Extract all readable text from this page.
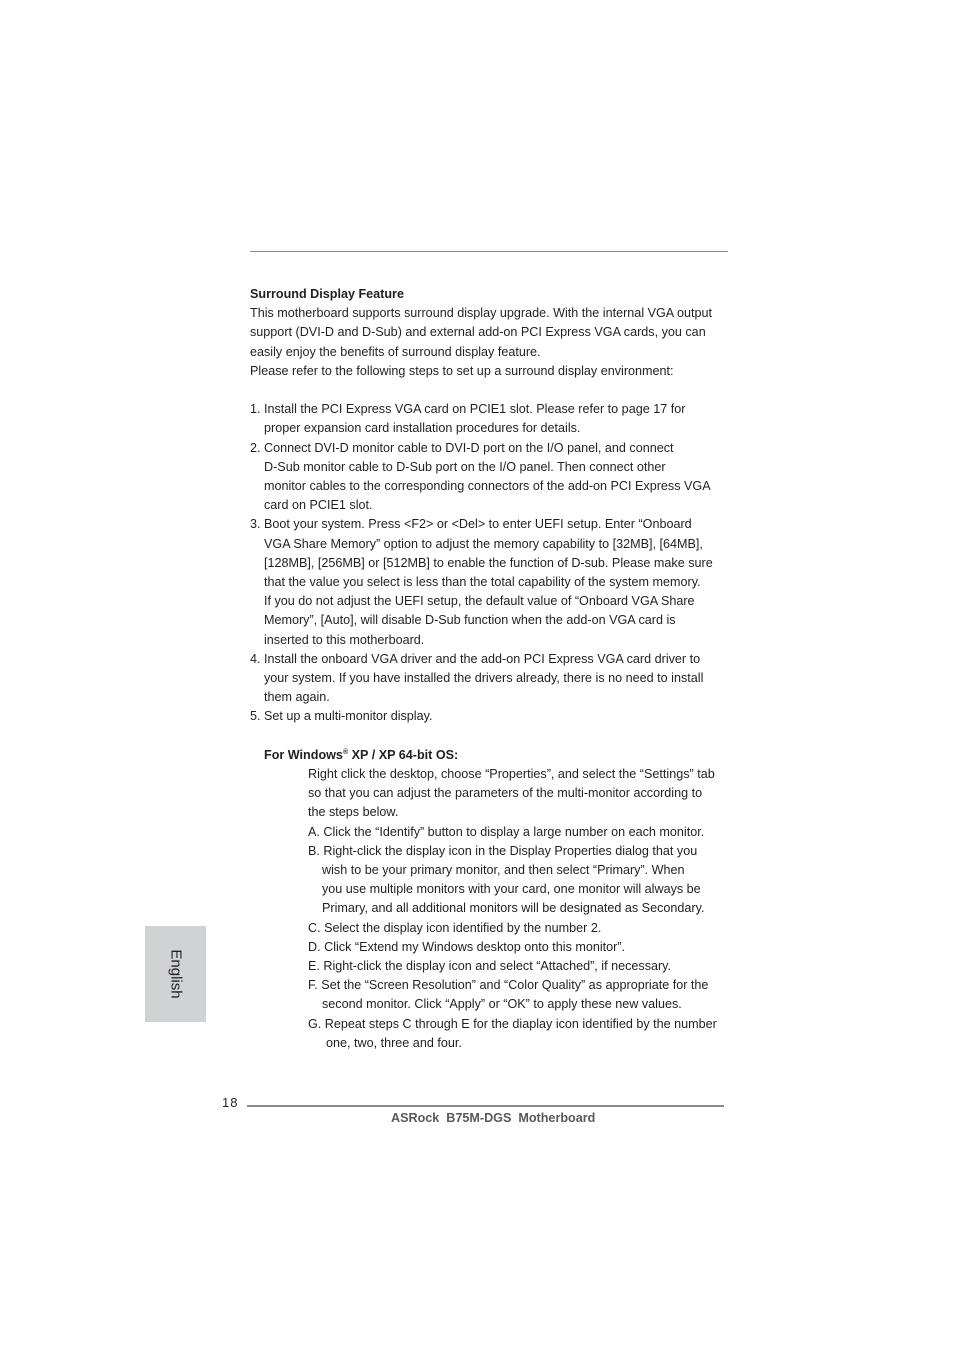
Surround Display Feature
This motherboard supports surround display upgrade. With the internal VGA output
support (DVI-D and D-Sub) and external add-on PCI Express VGA cards, you can
easily enjoy the benefits of surround display feature.
Please refer to the following steps to set up a surround display environment:
1. Install the PCI Express VGA card on PCIE1 slot. Please refer to page 17 for
proper expansion card installation procedures for details.
2. Connect DVI-D monitor cable to DVI-D port on the I/O panel, and connect
D-Sub monitor cable to D-Sub port on the I/O panel. Then connect other
monitor cables to the corresponding connectors of the add-on PCI Express VGA
card on PCIE1 slot.
3. Boot your system. Press <F2> or <Del> to enter UEFI setup. Enter “Onboard
VGA Share Memory” option to adjust the memory capability to [32MB], [64MB],
[128MB], [256MB] or [512MB] to enable the function of D-sub. Please make sure
that the value you select is less than the total capability of the system memory.
If you do not adjust the UEFI setup, the default value of “Onboard VGA Share
Memory”, [Auto], will disable D-Sub function when the add-on VGA card is
inserted to this motherboard.
4. Install the onboard VGA driver and the add-on PCI Express VGA card driver to
your system. If you have installed the drivers already, there is no need to install
them again.
5. Set up a multi-monitor display.
For Windows® XP / XP 64-bit OS:
Right click the desktop, choose “Properties”, and select the “Settings” tab
so that you can adjust the parameters of the multi-monitor according to
the steps below.
A. Click the “Identify” button to display a large number on each monitor.
B. Right-click the display icon in the Display Properties dialog that you
wish to be your primary monitor, and then select “Primary”. When
you use multiple monitors with your card, one monitor will always be
Primary, and all additional monitors will be designated as Secondary.
C. Select the display icon identified by the number 2.
D. Click “Extend my Windows desktop onto this monitor”.
E. Right-click the display icon and select “Attached”, if necessary.
F. Set the “Screen Resolution” and “Color Quality” as appropriate for the
second monitor. Click “Apply” or “OK” to apply these new values.
G. Repeat steps C through E for the diaplay icon identified by the number
one, two, three and four.
English
18
ASRock  B75M-DGS  Motherboard
